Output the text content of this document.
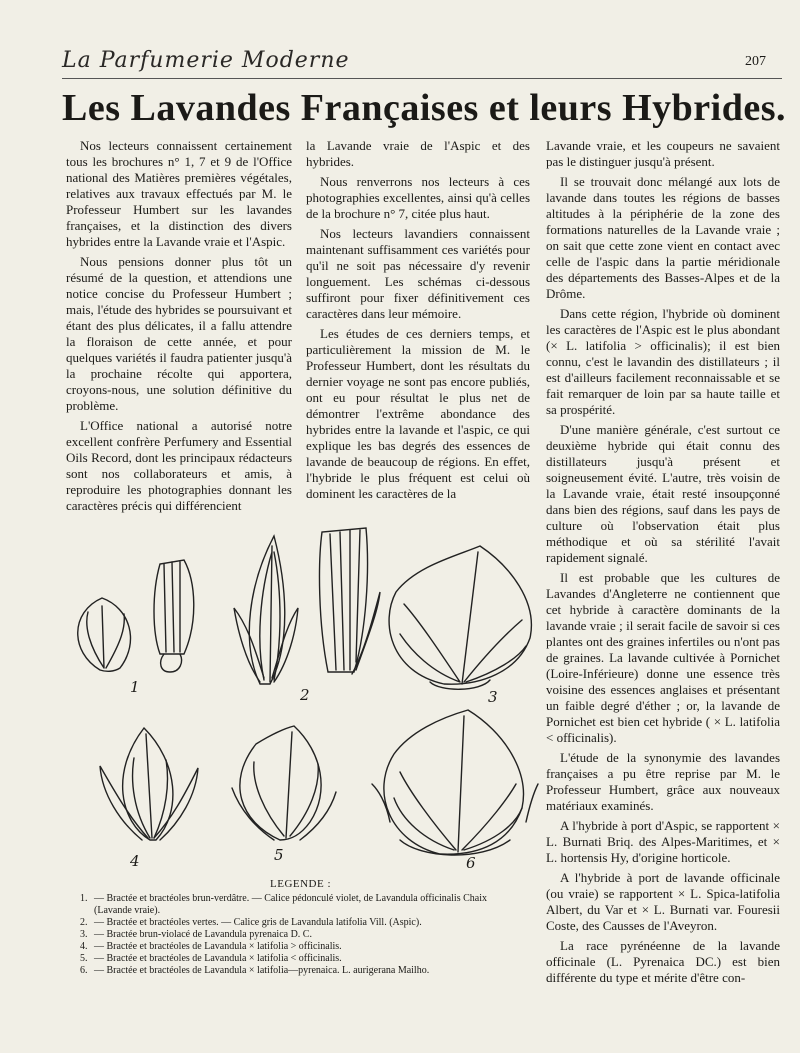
La Parfumerie Moderne	207
Les Lavandes Françaises et leurs Hybrides.

Nos lecteurs connaissent certainement tous les brochures n° 1, 7 et 9 de l'Office national des Matières premières végétales, relatives aux travaux effectués par M. le Professeur Humbert sur les lavandes françaises, et la distinction des divers hybrides entre la Lavande vraie et l'Aspic.

Nous pensions donner plus tôt un résumé de la question, et attendions une notice concise du Professeur Humbert ; mais, l'étude des hybrides se poursuivant et étant des plus délicates, il a fallu attendre la floraison de cette année, et pour quelques variétés il faudra patienter jusqu'à la prochaine récolte qui apportera, croyons-nous, une solution définitive du problème.

L'Office national a autorisé notre excellent confrère Perfumery and Essential Oils Record, dont les principaux rédacteurs sont nos collaborateurs et amis, à reproduire les photographies donnant les caractères précis qui différencient

la Lavande vraie de l'Aspic et des hybrides.

Nous renverrons nos lecteurs à ces photographies excellentes, ainsi qu'à celles de la brochure n° 7, citée plus haut.

Nos lecteurs lavandiers connaissent maintenant suffisamment ces variétés pour qu'il ne soit pas nécessaire d'y revenir longuement. Les schémas ci-dessous suffiront pour fixer définitivement ces caractères dans leur mémoire.

Les études de ces derniers temps, et particulièrement la mission de M. le Professeur Humbert, dont les résultats du dernier voyage ne sont pas encore publiés, ont eu pour résultat le plus net de démontrer l'extrême abondance des hybrides entre la lavande et l'aspic, ce qui explique les bas degrés des essences de lavande de beaucoup de régions. En effet, l'hybride le plus fréquent est celui où dominent les caractères de la

Lavande vraie, et les coupeurs ne savaient pas le distinguer jusqu'à présent.

Il se trouvait donc mélangé aux lots de lavande dans toutes les régions de basses altitudes à la périphérie de la zone des formations naturelles de la Lavande vraie ; on sait que cette zone vient en contact avec celle de l'aspic dans la partie méridionale des départements des Basses-Alpes et de la Drôme.

Dans cette région, l'hybride où dominent les caractères de l'Aspic est le plus abondant (× L. latifolia > officinalis); il est bien connu, c'est le lavandin des distillateurs ; il est d'ailleurs facilement reconnaissable et se fait remarquer de loin par sa haute taille et sa prospérité.

D'une manière générale, c'est surtout ce deuxième hybride qui était connu des distillateurs jusqu'à présent et soigneusement évité. L'autre, très voisin de la Lavande vraie, était resté insoupçonné dans bien des régions, sauf dans les pays de culture où l'observation était plus méthodique et où sa stérilité l'avait rapidement signalé.

Il est probable que les cultures de Lavandes d'Angleterre ne contiennent que cet hybride à caractère dominants de la lavande vraie ; il serait facile de savoir si ces plantes ont des graines infertiles ou n'ont pas de graines. La lavande cultivée à Pornichet (Loire-Inférieure) donne une essence très voisine des essences anglaises et présentant un faible degré d'éther ; or, la lavande de Pornichet est bien cet hybride ( × L. latifolia < officinalis).

L'étude de la synonymie des lavandes françaises a pu être reprise par M. le Professeur Humbert, grâce aux nouveaux matériaux examinés.

A l'hybride à port d'Aspic, se rapportent × L. Burnati Briq. des Alpes-Maritimes, et × L. hortensis Hy, d'origine horticole.

A l'hybride à port de lavande officinale (ou vraie) se rapportent × L. Spica-latifolia Albert, du Var et × L. Burnati var. Fouresii Coste, des Causses de l'Aveyron.

La race pyrénéenne de la lavande officinale (L. Pyrenaica DC.) est bien différente du type et mérite d'être con-

1	2	3
4	5	6
LEGENDE :
1. — Bractée et bractéoles brun-verdâtre. — Calice pédonculé violet, de Lavandula officinalis Chaix (Lavande vraie).
2. — Bractée et bractéoles vertes. — Calice gris de Lavandula latifolia Vill. (Aspic).
3. — Bractée brun-violacé de Lavandula pyrenaica D. C.
4. — Bractée et bractéoles de Lavandula × latifolia > officinalis.
5. — Bractée et bractéoles de Lavandula × latifolia < officinalis.
6. — Bractée et bractéoles de Lavandula × latifolia—pyrenaica. L. aurigerana Mailho.
